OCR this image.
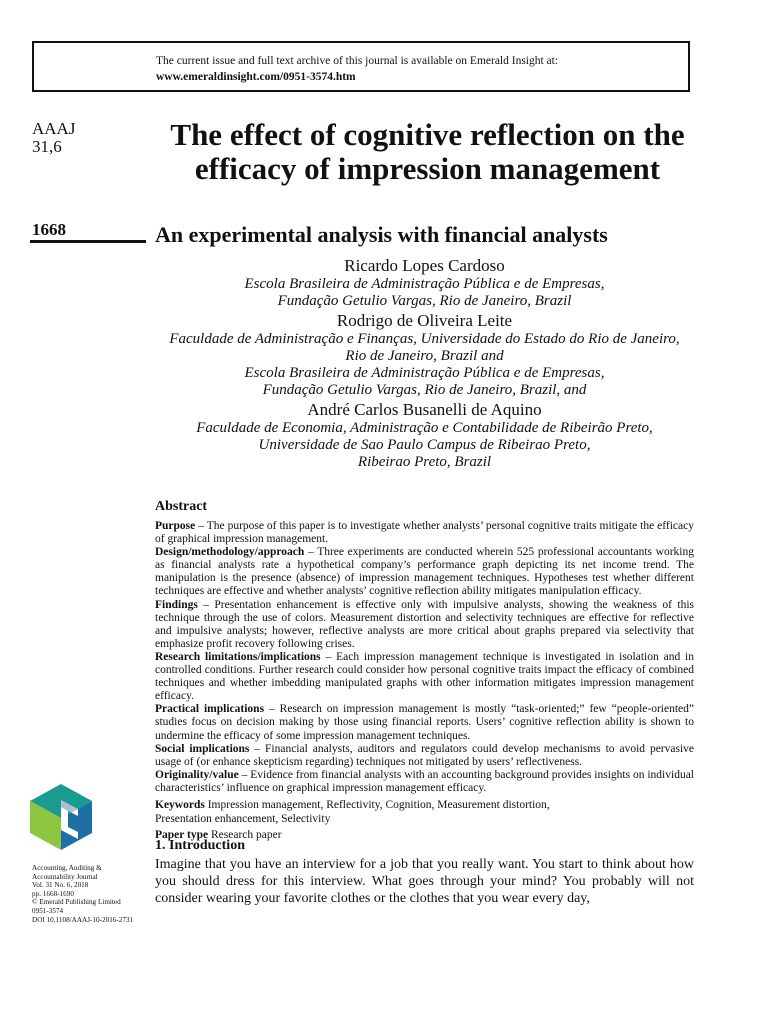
The current issue and full text archive of this journal is available on Emerald Insight at:
www.emeraldinsight.com/0951-3574.htm
AAAJ
31,6
1668
The effect of cognitive reflection on the efficacy of impression management
An experimental analysis with financial analysts
Ricardo Lopes Cardoso
Escola Brasileira de Administração Pública e de Empresas,
Fundação Getulio Vargas, Rio de Janeiro, Brazil
Rodrigo de Oliveira Leite
Faculdade de Administração e Finanças, Universidade do Estado do Rio de Janeiro,
Rio de Janeiro, Brazil and
Escola Brasileira de Administração Pública e de Empresas,
Fundação Getulio Vargas, Rio de Janeiro, Brazil, and
André Carlos Busanelli de Aquino
Faculdade de Economia, Administração e Contabilidade de Ribeirão Preto,
Universidade de Sao Paulo Campus de Ribeirao Preto,
Ribeirao Preto, Brazil
Abstract

Purpose – The purpose of this paper is to investigate whether analysts’ personal cognitive traits mitigate the efficacy of graphical impression management.

Design/methodology/approach – Three experiments are conducted wherein 525 professional accountants working as financial analysts rate a hypothetical company’s performance graph depicting its net income trend. The manipulation is the presence (absence) of impression management techniques. Hypotheses test whether different techniques are effective and whether analysts’ cognitive reflection ability mitigates manipulation efficacy.

Findings – Presentation enhancement is effective only with impulsive analysts, showing the weakness of this technique through the use of colors. Measurement distortion and selectivity techniques are effective for reflective and impulsive analysts; however, reflective analysts are more critical about graphs prepared via selectivity that emphasize profit recovery following crises.

Research limitations/implications – Each impression management technique is investigated in isolation and in controlled conditions. Further research could consider how personal cognitive traits impact the efficacy of combined techniques and whether imbedding manipulated graphs with other information mitigates impression management efficacy.

Practical implications – Research on impression management is mostly “task-oriented;” few “people-oriented” studies focus on decision making by those using financial reports. Users’ cognitive reflection ability is shown to undermine the efficacy of some impression management techniques.

Social implications – Financial analysts, auditors and regulators could develop mechanisms to avoid pervasive usage of (or enhance skepticism regarding) techniques not mitigated by users’ reflectiveness.

Originality/value – Evidence from financial analysts with an accounting background provides insights on individual characteristics’ influence on graphical impression management efficacy.

Keywords Impression management, Reflectivity, Cognition, Measurement distortion,
Presentation enhancement, Selectivity
Paper type Research paper
Accounting, Auditing &
Accountability Journal
Vol. 31 No. 6, 2018
pp. 1668-1690
© Emerald Publishing Limited
0951-3574
DOI 10.1108/AAAJ-10-2016-2731
1. Introduction

Imagine that you have an interview for a job that you really want. You start to think about how you should dress for this interview. What goes through your mind? You probably will not consider wearing your favorite clothes or the clothes that you wear every day,
